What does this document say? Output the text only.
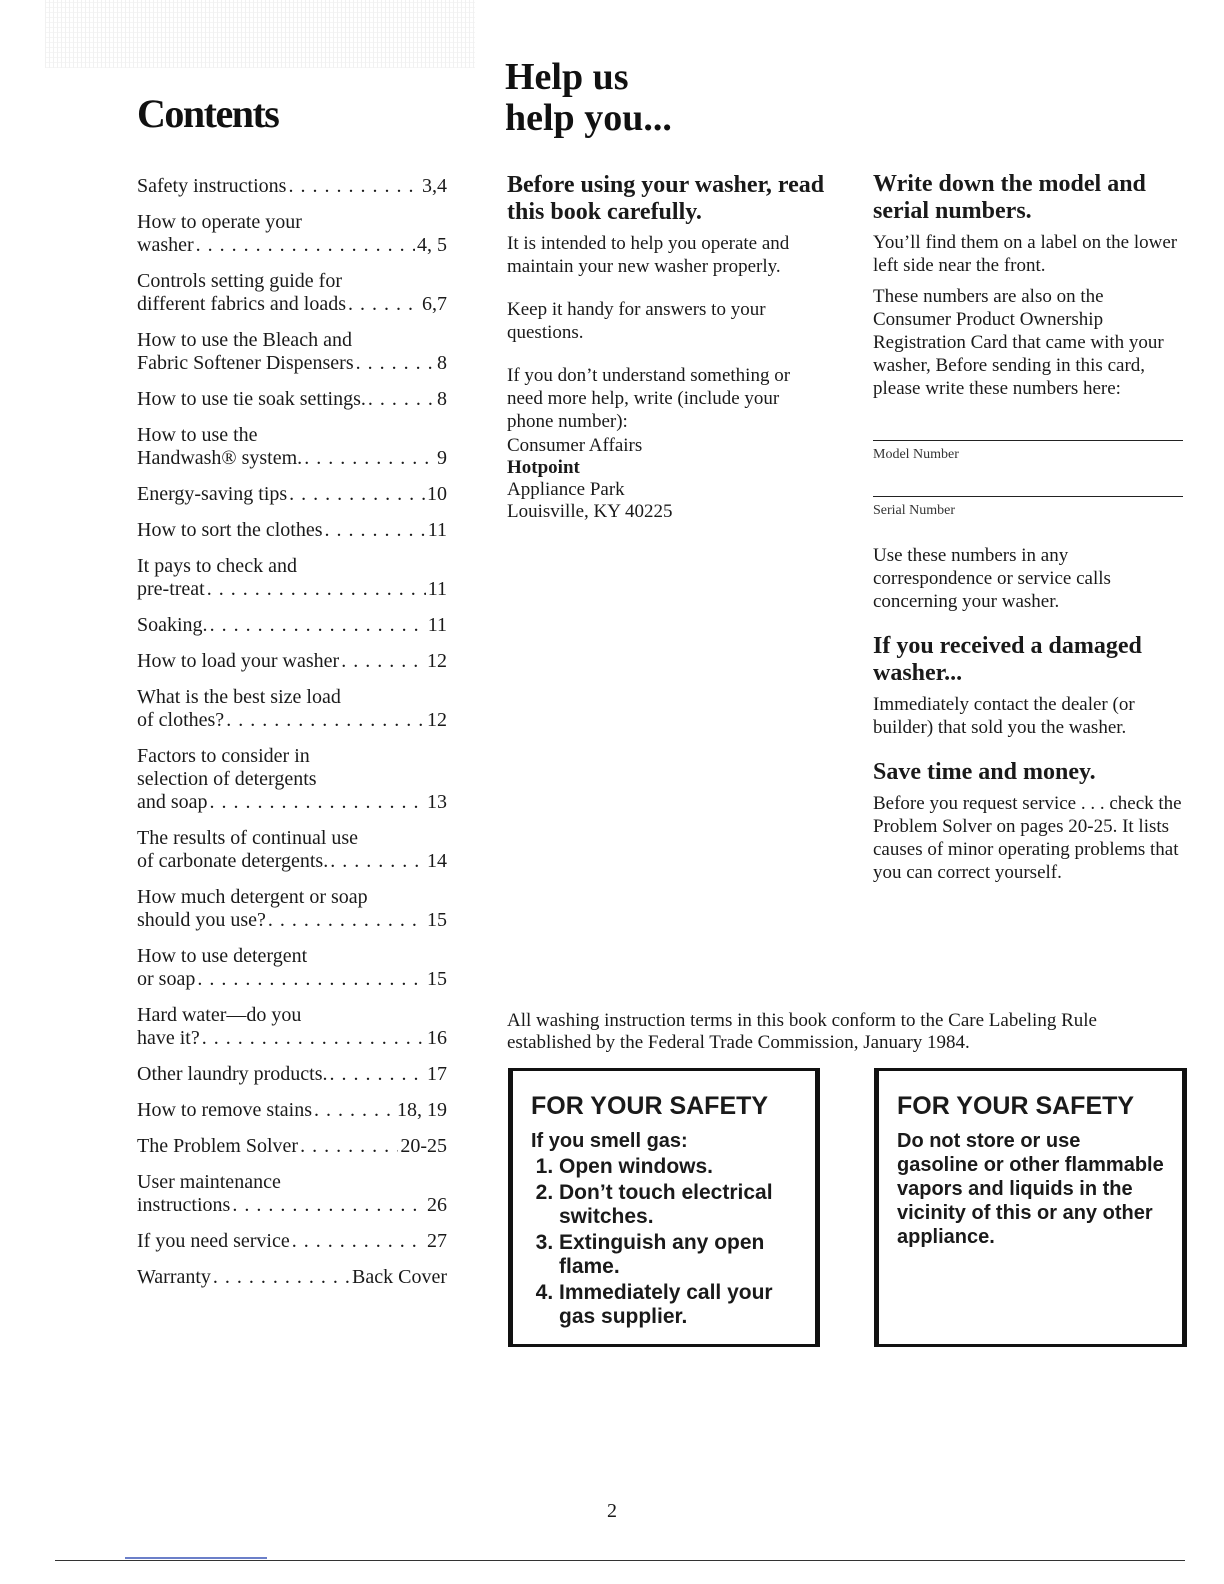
Contents
Safety instructions . . .	3,4
How to operate your
washer . . .	4, 5
Controls setting guide for
different fabrics and loads . . .	6,7
How to use the Bleach and
Fabric Softener Dispensers . . .	8
How to use tie soak settings. . . .	8
How to use the
Handwash® system. . . .	9
Energy-saving tips . . .	10
How to sort the clothes . . .	11
It pays to check and
pre-treat . . .	11
Soaking. . . .	11
How to load your washer . . .	12
What is the best size load
of clothes? . . .	12
Factors to consider in
selection of detergents
and soap . . .	13
The results of continual use
of carbonate detergents. . . .	14
How much detergent or soap
should you use? . . .	15
How to use detergent
or soap . . .	15
Hard water—do you
have it? . . .	16
Other laundry products. . . .	17
How to remove stains . . .	18, 19
The Problem Solver . . .	20-25
User maintenance
instructions . . .	26
If you need service . . .	27
Warranty . . .	Back Cover
Help us
help you...
Before using your washer, read this book carefully.

It is intended to help you operate and maintain your new washer properly.

Keep it handy for answers to your questions.

If you don’t understand something or need more help, write (include your phone number):

Consumer Affairs
Hotpoint
Appliance Park
Louisville, KY 40225
Write down the model and serial numbers.

You’ll find them on a label on the lower left side near the front.

These numbers are also on the Consumer Product Ownership Registration Card that came with your washer, Before sending in this card, please write these numbers here:

Model Number
Serial Number

Use these numbers in any correspondence or service calls concerning your washer.

If you received a damaged washer...

Immediately contact the dealer (or builder) that sold you the washer.

Save time and money.

Before you request service . . . check the Problem Solver on pages 20-25. It lists causes of minor operating problems that you can correct yourself.

All washing instruction terms in this book conform to the Care Labeling Rule established by the Federal Trade Commission, January 1984.
FOR YOUR SAFETY
If you smell gas:
1. Open windows.
2. Don’t touch electrical switches.
3. Extinguish any open flame.
4. Immediately call your gas supplier.
FOR YOUR SAFETY
Do not store or use gasoline or other flammable vapors and liquids in the vicinity of this or any other appliance.
2
